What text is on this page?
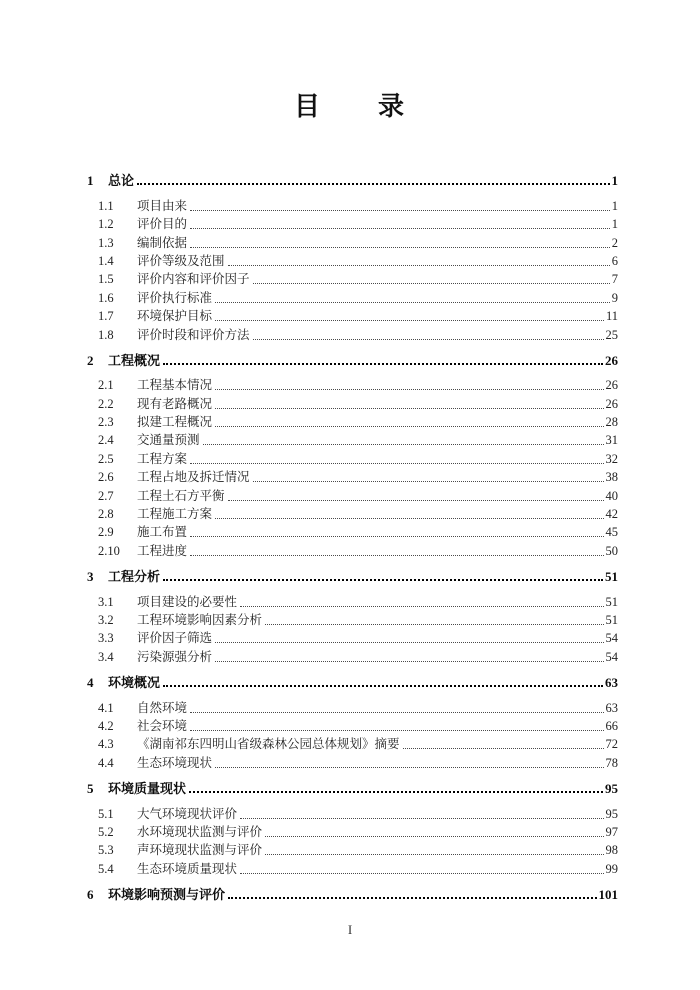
目　　录
1	总论	1
1.1	项目由来	1
1.2	评价目的	1
1.3	编制依据	2
1.4	评价等级及范围	6
1.5	评价内容和评价因子	7
1.6	评价执行标准	9
1.7	环境保护目标	11
1.8	评价时段和评价方法	25
2	工程概况	26
2.1	工程基本情况	26
2.2	现有老路概况	26
2.3	拟建工程概况	28
2.4	交通量预测	31
2.5	工程方案	32
2.6	工程占地及拆迁情况	38
2.7	工程土石方平衡	40
2.8	工程施工方案	42
2.9	施工布置	45
2.10	工程进度	50
3	工程分析	51
3.1	项目建设的必要性	51
3.2	工程环境影响因素分析	51
3.3	评价因子筛选	54
3.4	污染源强分析	54
4	环境概况	63
4.1	自然环境	63
4.2	社会环境	66
4.3	《湖南祁东四明山省级森林公园总体规划》摘要	72
4.4	生态环境现状	78
5	环境质量现状	95
5.1	大气环境现状评价	95
5.2	水环境现状监测与评价	97
5.3	声环境现状监测与评价	98
5.4	生态环境质量现状	99
6	环境影响预测与评价	101
I
